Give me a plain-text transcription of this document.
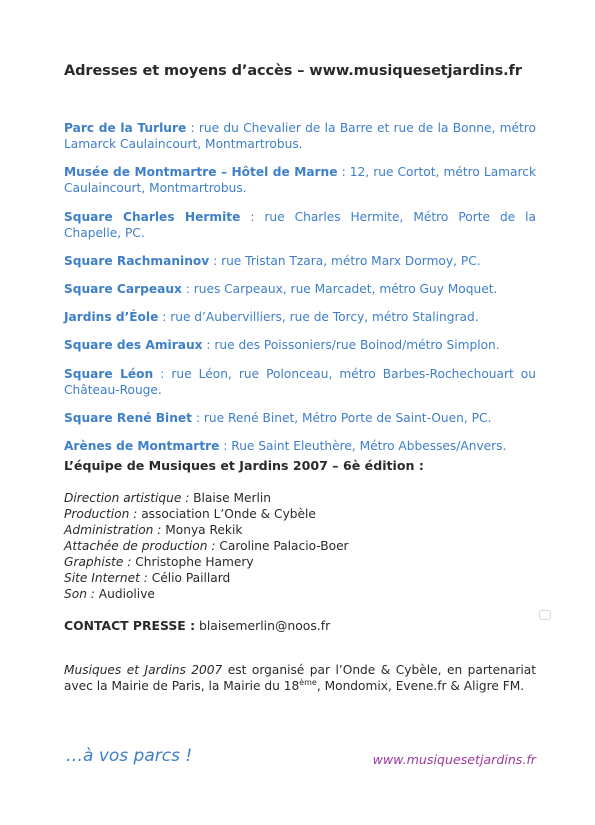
Adresses et moyens d’accès – www.musiquesetjardins.fr

Parc de la Turlure : rue du Chevalier de la Barre et rue de la Bonne, métro Lamarck Caulaincourt, Montmartrobus.

Musée de Montmartre – Hôtel de Marne : 12, rue Cortot, métro Lamarck Caulaincourt, Montmartrobus.

Square Charles Hermite : rue Charles Hermite, Métro Porte de la Chapelle, PC.

Square Rachmaninov : rue Tristan Tzara, métro Marx Dormoy, PC.

Square Carpeaux : rues Carpeaux, rue Marcadet, métro Guy Moquet.

Jardins d’Éole : rue d’Aubervilliers, rue de Torcy, métro Stalingrad.

Square des Amiraux : rue des Poissoniers/rue Boinod/métro Simplon.

Square Léon : rue Léon, rue Polonceau, métro Barbes-Rochechouart ou Château-Rouge.

Square René Binet : rue René Binet, Métro Porte de Saint-Ouen, PC.

Arènes de Montmartre : Rue Saint Eleuthère, Métro Abbesses/Anvers.

L’équipe de Musiques et Jardins 2007 – 6è édition :
Direction artistique : Blaise Merlin
Production : association L’Onde & Cybèle
Administration : Monya Rekik
Attachée de production : Caroline Palacio-Boer
Graphiste : Christophe Hamery
Site Internet : Célio Paillard
Son : Audiolive
CONTACT PRESSE : blaisemerlin@noos.fr

Musiques et Jardins 2007 est organisé par l’Onde & Cybèle, en partenariat avec la Mairie de Paris, la Mairie du 18ème, Mondomix, Evene.fr & Aligre FM.

…à vos parcs !	www.musiquesetjardins.fr
